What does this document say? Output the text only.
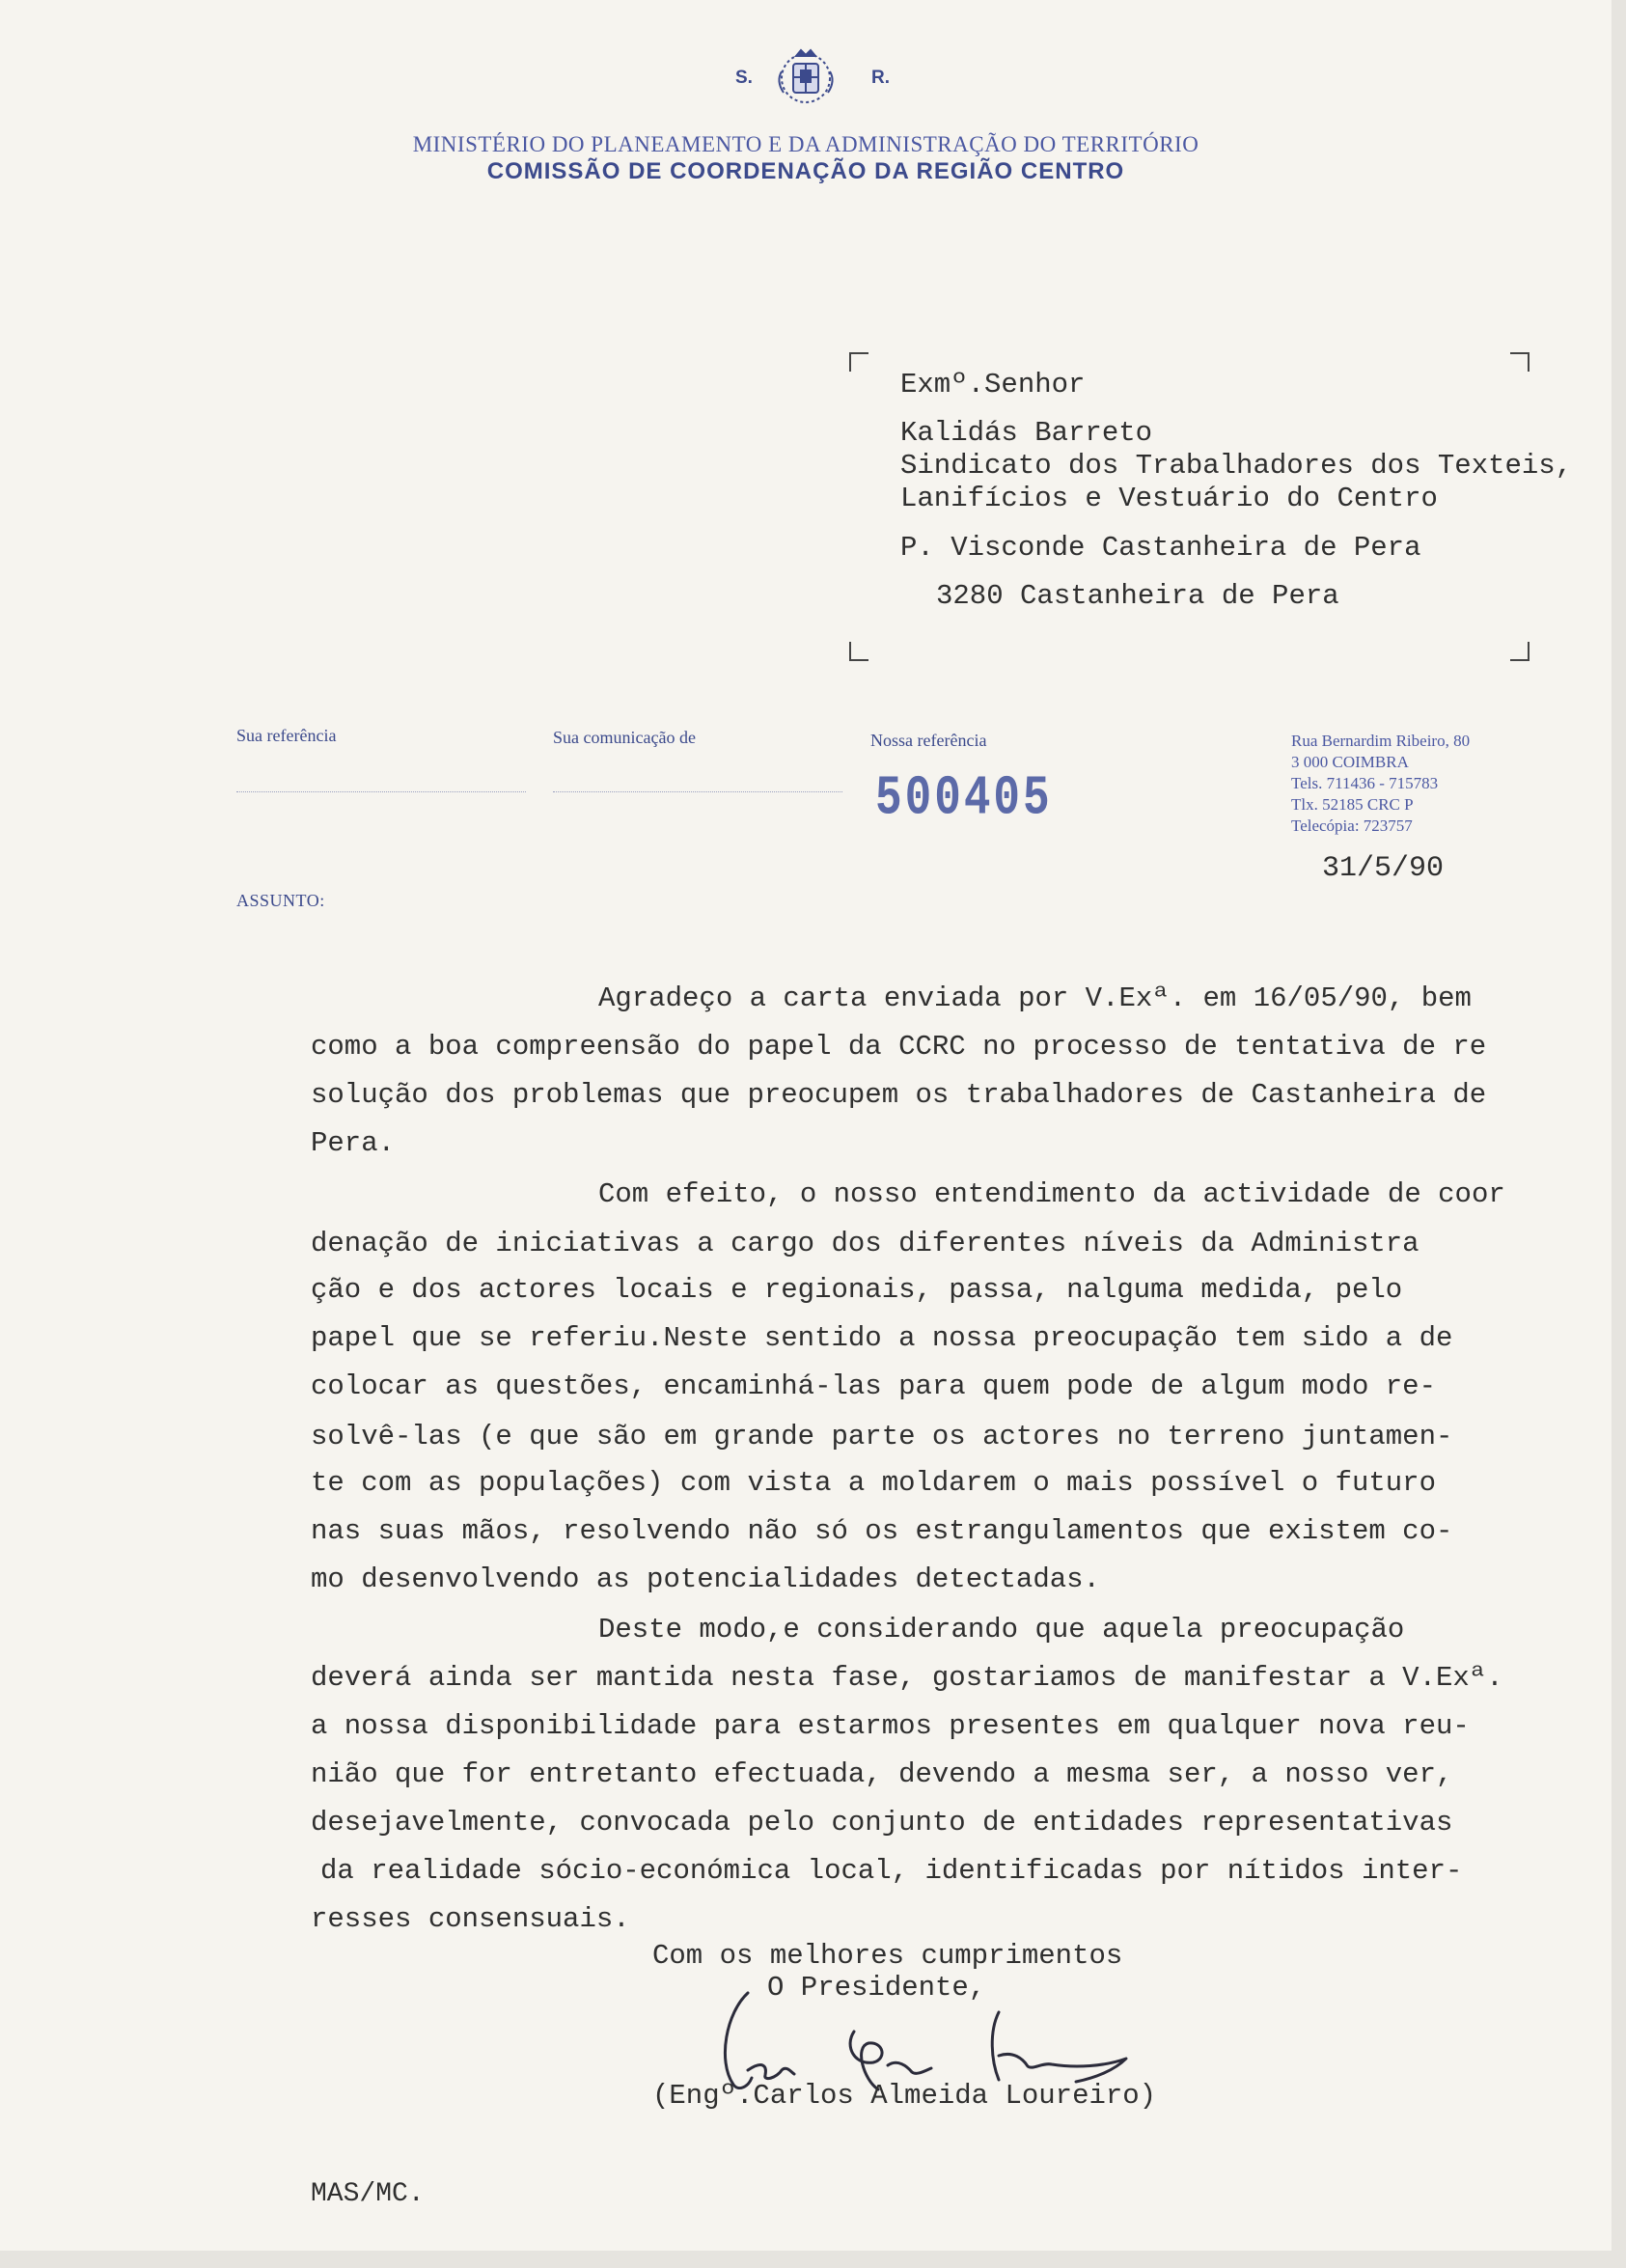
S.	R.
MINISTÉRIO DO PLANEAMENTO E DA ADMINISTRAÇÃO DO TERRITÓRIO
COMISSÃO DE COORDENAÇÃO DA REGIÃO CENTRO
Exmº.Senhor
Kalidás Barreto
Sindicato dos Trabalhadores dos Texteis,
Lanifícios e Vestuário do Centro
P. Visconde Castanheira de Pera
3280 Castanheira de Pera
Sua referência	Sua comunicação de	Nossa referência
500405
Rua Bernardim Ribeiro, 80
3 000 COIMBRA
Tels. 711436 - 715783
Tlx. 52185 CRC P
Telecópia: 723757
31/5/90
ASSUNTO:
Agradeço a carta enviada por V.Exª. em 16/05/90, bem
como a boa compreensão do papel da CCRC no processo de tentativa de re
solução dos problemas que preocupem os trabalhadores de Castanheira de
Pera.
Com efeito, o nosso entendimento da actividade de coor
denação de iniciativas a cargo dos diferentes níveis da Administra
ção e dos actores locais e regionais, passa, nalguma medida, pelo
papel que se referiu.Neste sentido a nossa preocupação tem sido a de
colocar as questões, encaminhá-las para quem pode de algum modo re-
solvê-las (e que são em grande parte os actores no terreno juntamen-
te com as populações) com vista a moldarem o mais possível o futuro
nas suas mãos, resolvendo não só os estrangulamentos que existem co-
mo desenvolvendo as potencialidades detectadas.
Deste modo,e considerando que aquela preocupação
deverá ainda ser mantida nesta fase, gostariamos de manifestar a V.Exª.
a nossa disponibilidade para estarmos presentes em qualquer nova reu-
nião que for entretanto efectuada, devendo a mesma ser, a nosso ver,
desejavelmente, convocada pelo conjunto de entidades representativas
da realidade sócio-económica local, identificadas por nítidos inter-
resses consensuais.
Com os melhores cumprimentos
O Presidente,
(Engº.Carlos Almeida Loureiro)
MAS/MC.
